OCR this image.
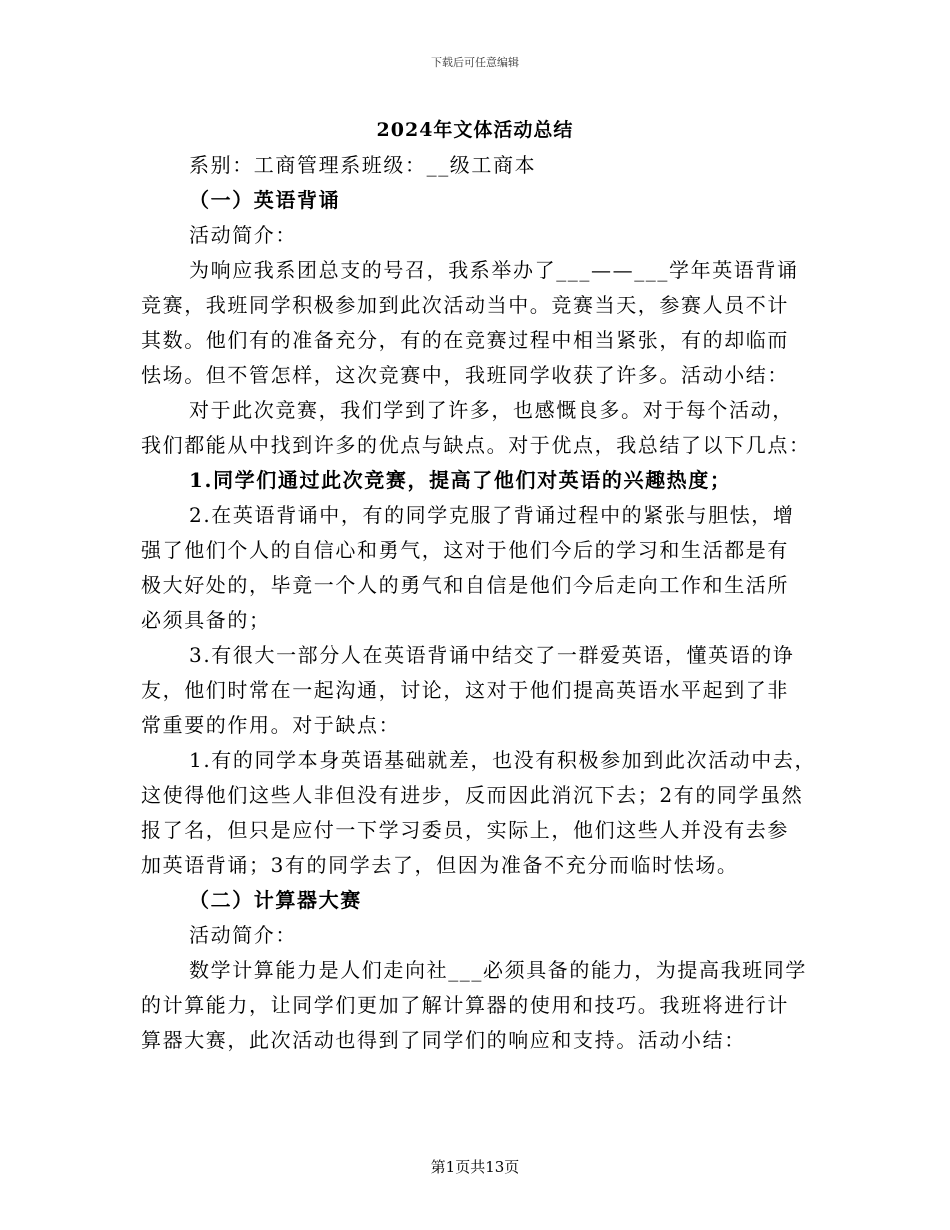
下载后可任意编辑
2024年文体活动总结
系别：工商管理系班级：__级工商本
（一）英语背诵
活动简介：
为响应我系团总支的号召，我系举办了___——___学年英语背诵
竞赛，我班同学积极参加到此次活动当中。竞赛当天，参赛人员不计
其数。他们有的准备充分，有的在竞赛过程中相当紧张，有的却临而
怯场。但不管怎样，这次竞赛中，我班同学收获了许多。活动小结：
对于此次竞赛，我们学到了许多，也感慨良多。对于每个活动，
我们都能从中找到许多的优点与缺点。对于优点，我总结了以下几点：
1.同学们通过此次竞赛，提高了他们对英语的兴趣热度；
2.在英语背诵中，有的同学克服了背诵过程中的紧张与胆怯，增
强了他们个人的自信心和勇气，这对于他们今后的学习和生活都是有
极大好处的，毕竟一个人的勇气和自信是他们今后走向工作和生活所
必须具备的；
3.有很大一部分人在英语背诵中结交了一群爱英语，懂英语的诤
友，他们时常在一起沟通，讨论，这对于他们提高英语水平起到了非
常重要的作用。对于缺点：
1.有的同学本身英语基础就差，也没有积极参加到此次活动中去，
这使得他们这些人非但没有进步，反而因此消沉下去；2有的同学虽然
报了名，但只是应付一下学习委员，实际上，他们这些人并没有去参
加英语背诵；3有的同学去了，但因为准备不充分而临时怯场。
（二）计算器大赛
活动简介：
数学计算能力是人们走向社___必须具备的能力，为提高我班同学
的计算能力，让同学们更加了解计算器的使用和技巧。我班将进行计
算器大赛，此次活动也得到了同学们的响应和支持。活动小结：
第1页共13页
